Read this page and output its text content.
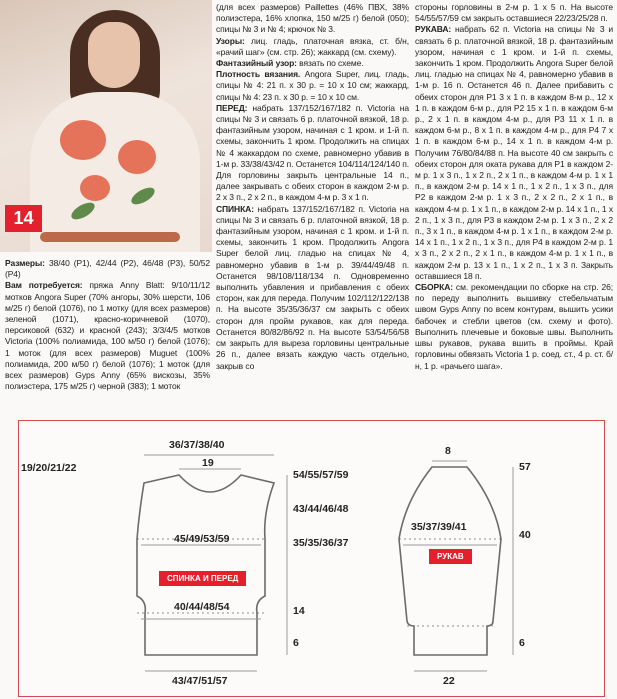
14

Размеры: 38/40 (P1), 42/44 (P2), 46/48 (P3), 50/52 (P4)

Вам потребуется: пряжа Anny Blatt: 9/10/11/12 мотков Angora Super (70% ангоры, 30% шерсти, 106 м/25 г) белой (1076), по 1 мотку (для всех размеров) зеленой (1071), красно-коричневой (1070), персиковой (632) и красной (243); 3/3/4/5 мотков Victoria (100% полиамида, 100 м/50 г) белой (1076); 1 моток (для всех размеров) Muguet (100% полиамида, 200 м/50 г) белой (1076); 1 моток (для всех размеров) Gyps Anny (65% вискозы, 35% полиэстера, 175 м/25 г) черной (383); 1 моток

(для всех размеров) Paillettes (46% ПВХ, 38% полиэстера, 16% хлопка, 150 м/25 г) белой (050); спицы № 3 и № 4; крючок № 3.

Узоры: лиц. гладь, платочная вязка, ст. б/н, «рачий шаг» (см. стр. 26); жаккард (см. схему).

Фантазийный узор: вязать по схеме.

Плотность вязания. Angora Super, лиц. гладь, спицы № 4: 21 п. x 30 р. = 10 x 10 см; жаккард, спицы № 4: 23 п. x 30 р. = 10 x 10 см.

ПЕРЕД: набрать 137/152/167/182 п. Victoria на спицы № 3 и связать 6 р. платочной вязкой, 18 р. фантазийным узором, начиная с 1 кром. и 1-й п. схемы, закончить 1 кром. Продолжить на спицах № 4 жаккардом по схеме, равномерно убавив в 1-м р. 33/38/43/42 п. Останется 104/114/124/140 п. Для горловины закрыть центральные 14 п., далее закрывать с обеих сторон в каждом 2-м р. 2 x 3 п., 2 x 2 п., в каждом 4-м р. 3 x 1 п.

СПИНКА: набрать 137/152/167/182 п. Victoria на спицы № 3 и связать 6 р. платочной вязкой, 18 р. фантазийным узором, начиная с 1 кром. и 1-й п. схемы, закончить 1 кром. Продолжить Angora Super белой лиц. гладью на спицах № 4, равномерно убавив в 1-м р. 39/44/49/48 п. Останется 98/108/118/134 п. Одновременно выполнить убавления и прибавления с обеих сторон, как для переда. Получим 102/112/122/138 п. На высоте 35/35/36/37 см закрыть с обеих сторон для пройм рукавов, как для переда. Останется 80/82/86/92 п. На высоте 53/54/56/58 см закрыть для выреза горловины центральные 26 п., далее вязать каждую часть отдельно, закрыв со

стороны горловины в 2-м р. 1 x 5 п. На высоте 54/55/57/59 см закрыть оставшиеся 22/23/25/28 п.

РУКАВА: набрать 62 п. Victoria на спицы № 3 и связать 6 р. платочной вязкой, 18 р. фантазийным узором, начиная с 1 кром. и 1-й п. схемы, закончить 1 кром. Продолжить Angora Super белой лиц. гладью на спицах № 4, равномерно убавив в 1-м р. 16 п. Останется 46 п. Далее прибавить с обеих сторон для P1 3 x 1 п. в каждом 8-м р., 12 x 1 п. в каждом 6-м р., для P2 15 x 1 п. в каждом 6-м р., 2 x 1 п. в каждом 4-м р., для P3 11 x 1 п. в каждом 6-м р., 8 x 1 п. в каждом 4-м р., для P4 7 x 1 п. в каждом 6-м р., 14 x 1 п. в каждом 4-м р. Получим 76/80/84/88 п. На высоте 40 см закрыть с обеих сторон для оката рукава для P1 в каждом 2-м р. 1 x 3 п., 1 x 2 п., 2 x 1 п., в каждом 4-м р. 1 x 1 п., в каждом 2-м р. 14 x 1 п., 1 x 2 п., 1 x 3 п., для P2 в каждом 2-м р. 1 x 3 п., 2 x 2 п., 2 x 1 п., в каждом 4-м р. 1 x 1 п., в каждом 2-м р. 14 x 1 п., 1 x 2 п., 1 x 3 п., для P3 в каждом 2-м р. 1 x 3 п., 2 x 2 п., 3 x 1 п., в каждом 4-м р. 1 x 1 п., в каждом 2-м р. 14 x 1 п., 1 x 2 п., 1 x 3 п., для P4 в каждом 2-м р. 1 x 3 п., 2 x 2 п., 2 x 1 п., в каждом 4-м р. 1 x 1 п., в каждом 2-м р. 13 x 1 п., 1 x 2 п., 1 x 3 п. Закрыть оставшиеся 18 п.

СБОРКА: см. рекомендации по сборке на стр. 26; по переду выполнить вышивку стебельчатым швом Gyps Anny по всем контурам, вышить усики бабочек и стебли цветов (см. схему и фото). Выполнить плечевые и боковые швы. Выполнить швы рукавов, рукава вшить в проймы. Край горловины обвязать Victoria 1 р. соед. ст., 4 р. ст. б/н, 1 р. «рачьего шага».

36/37/38/40
19
19/20/21/22
54/55/57/59
43/44/46/48
35/35/36/37
45/49/53/59
СПИНКА И ПЕРЕД
40/44/48/54	14
6
43/47/51/57
8
57
35/37/39/41
40
РУКАВ
6
22
